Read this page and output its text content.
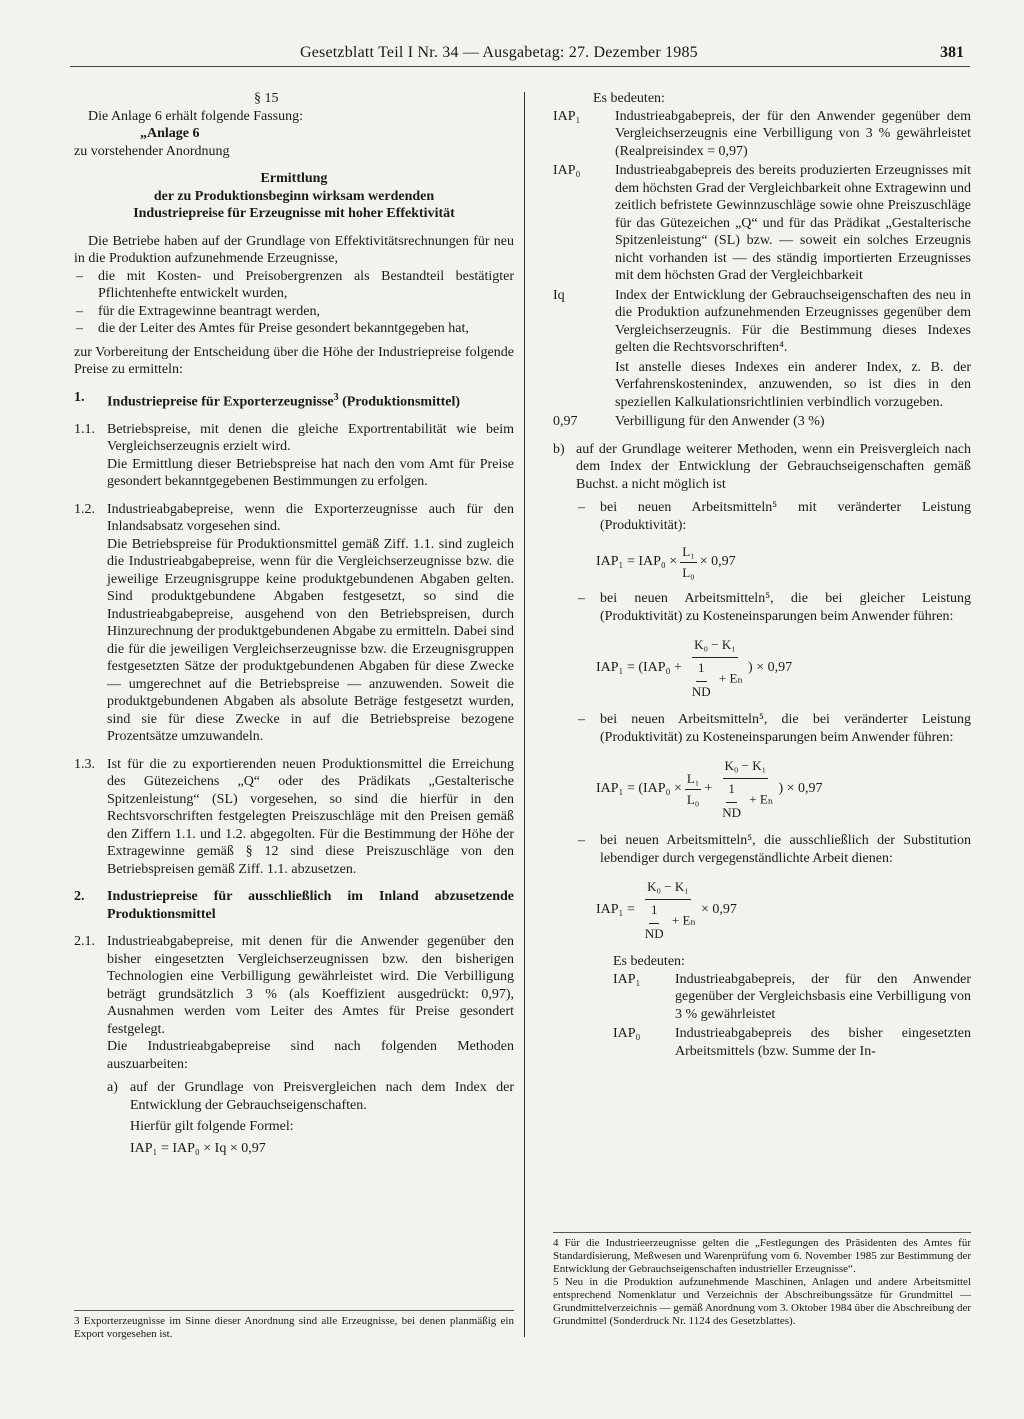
Gesetzblatt Teil I Nr. 34 — Ausgabetag: 27. Dezember 1985	381

§ 15

Die Anlage 6 erhält folgende Fassung:

„Anlage 6

zu vorstehender Anordnung

Ermittlung

der zu Produktionsbeginn wirksam werdenden

Industriepreise für Erzeugnisse mit hoher Effektivität

Die Betriebe haben auf der Grundlage von Effektivitätsrechnungen für neu in die Produktion aufzunehmende Erzeugnisse,

– die mit Kosten- und Preisobergrenzen als Bestandteil bestätigter Pflichtenhefte entwickelt wurden,

– für die Extragewinne beantragt werden,

– die der Leiter des Amtes für Preise gesondert bekanntgegeben hat,

zur Vorbereitung der Entscheidung über die Höhe der Industriepreise folgende Preise zu ermitteln:

1.	Industriepreise für Exporterzeugnisse$^3$ (Produktionsmittel)
1.1. Betriebspreise, mit denen die gleiche Exportrentabilität wie beim Vergleichserzeugnis erzielt wird.

Die Ermittlung dieser Betriebspreise hat nach den vom Amt für Preise gesondert bekanntgegebenen Bestimmungen zu erfolgen.

1.2. Industrieabgabepreise, wenn die Exporterzeugnisse auch für den Inlandsabsatz vorgesehen sind.

Die Betriebspreise für Produktionsmittel gemäß Ziff. 1.1. sind zugleich die Industrieabgabepreise, wenn für die Vergleichserzeugnisse bzw. die jeweilige Erzeugnisgruppe keine produktgebundenen Abgaben gelten. Sind produktgebundene Abgaben festgesetzt, so sind die Industrieabgabepreise, ausgehend von den Betriebspreisen, durch Hinzurechnung der produktgebundenen Abgabe zu ermitteln. Dabei sind die für die jeweiligen Vergleichserzeugnisse bzw. die Erzeugnisgruppen festgesetzten Sätze der produktgebundenen Abgaben für diese Zwecke — umgerechnet auf die Betriebspreise — anzuwenden. Soweit die produktgebundenen Abgaben als absolute Beträge festgesetzt wurden, sind sie für diese Zwecke in auf die Betriebspreise bezogene Prozentsätze umzuwandeln.

1.3. Ist für die zu exportierenden neuen Produktionsmittel die Erreichung des Gütezeichens „Q“ oder des Prädikats „Gestalterische Spitzenleistung“ (SL) vorgesehen, so sind die hierfür in den Rechtsvorschriften festgelegten Preiszuschläge mit den Preisen gemäß den Ziffern 1.1. und 1.2. abgegolten. Für die Bestimmung der Höhe der Extragewinne gemäß § 12 sind diese Preiszuschläge von den Betriebspreisen gemäß Ziff. 1.1. abzusetzen.
2.	Industriepreise für ausschließlich im Inland abzusetzende Produktionsmittel
2.1. Industrieabgabepreise, mit denen für die Anwender gegenüber den bisher eingesetzten Vergleichserzeugnissen bzw. den bisherigen Technologien eine Verbilligung gewährleistet wird. Die Verbilligung beträgt grundsätzlich 3 % (als Koeffizient ausgedrückt: 0,97), Ausnahmen werden vom Leiter des Amtes für Preise gesondert festgelegt.

Die Industrieabgabepreise sind nach folgenden Methoden auszuarbeiten:

a) auf der Grundlage von Preisvergleichen nach dem Index der Entwicklung der Gebrauchseigenschaften.

Hierfür gilt folgende Formel:

IAP₁ = IAP₀ × Iq × 0,97

3 Exporterzeugnisse im Sinne dieser Anordnung sind alle Erzeugnisse, bei denen planmäßig ein Export vorgesehen ist.

Es bedeuten:

IAP₁	Industrieabgabepreis, der für den Anwender gegenüber dem Vergleichserzeugnis eine Verbilligung von 3 % gewährleistet (Realpreisindex = 0,97)
IAP₀	Industrieabgabepreis des bereits produzierten Erzeugnisses mit dem höchsten Grad der Vergleichbarkeit ohne Extragewinn und zeitlich befristete Gewinnzuschläge sowie ohne Preiszuschläge für das Gütezeichen „Q“ und für das Prädikat „Gestalterische Spitzenleistung“ (SL) bzw. — soweit ein solches Erzeugnis nicht vorhanden ist — des ständig importierten Erzeugnisses mit dem höchsten Grad der Vergleichbarkeit
Iq	Index der Entwicklung der Gebrauchseigenschaften des neu in die Produktion aufzunehmenden Erzeugnisses gegenüber dem Vergleichserzeugnis. Für die Bestimmung dieses Indexes gelten die Rechtsvorschriften⁴.
Ist anstelle dieses Indexes ein anderer Index, z. B. der Verfahrenskostenindex, anzuwenden, so ist dies in den speziellen Kalkulationsrichtlinien verbindlich vorzugeben.
0,97	Verbilligung für den Anwender (3 %)
b) auf der Grundlage weiterer Methoden, wenn ein Preisvergleich nach dem Index der Entwicklung der Gebrauchseigenschaften gemäß Buchst. a nicht möglich ist

– bei neuen Arbeitsmitteln⁵ mit veränderter Leistung (Produktivität):

IAP₁ =
IAP₀
× $\frac{\text{L₁}}{\text{L₀}} \times 0,97$

– bei neuen Arbeitsmitteln⁵, die bei gleicher Leistung (Produktivität) zu Kosteneinsparungen beim Anwender führen:

IAP₁ =
(IAP₀
+ $\frac{\text{K₀ − K₁}}{\frac{1}{ND} + E_n}$ )
× 0,97

– bei neuen Arbeitsmitteln⁵, die bei veränderter Leistung (Produktivität) zu Kosteneinsparungen beim Anwender führen:

IAP₁ =
(IAP₀
× $\frac{\text{L₁}}{\text{L₀}} + \frac{\text{K₀ − K₁}}{\frac{1}{ND} + E_n}$ )
× 0,97

– bei neuen Arbeitsmitteln⁵, die ausschließlich der Substitution lebendiger durch vergegenständlichte Arbeit dienen:

$IAP_1 = \frac{\text{K₀ − K₁}}{\frac{1}{ND} + E_n} \times 0,97$

Es bedeuten:

IAP₁	Industrieabgabepreis, der für den Anwender gegenüber der Vergleichsbasis eine Verbilligung von 3 % gewährleistet
IAP₀	Industrieabgabepreis des bisher eingesetzten Arbeitsmittels (bzw. Summe der In-

4 Für die Industrieerzeugnisse gelten die „Festlegungen des Präsidenten des Amtes für Standardisierung, Meßwesen und Warenprüfung vom 6. November 1985 zur Bestimmung der Entwicklung der Gebrauchseigenschaften industrieller Erzeugnisse“.

5 Neu in die Produktion aufzunehmende Maschinen, Anlagen und andere Arbeitsmittel entsprechend Nomenklatur und Verzeichnis der Abschreibungssätze für Grundmittel — Grundmittelverzeichnis — gemäß Anordnung vom 3. Oktober 1984 über die Abschreibung der Grundmittel (Sonderdruck Nr. 1124 des Gesetzblattes).
